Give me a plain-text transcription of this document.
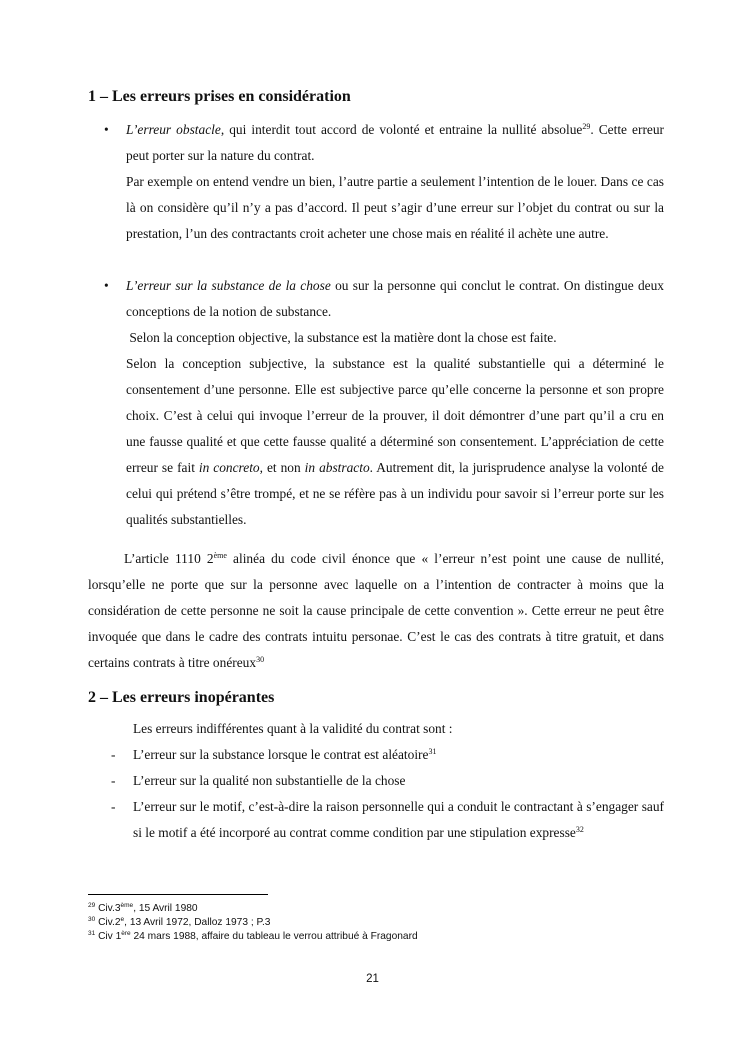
1 – Les erreurs prises en considération
• L’erreur obstacle, qui interdit tout accord de volonté et entraine la nullité absolue$^{29}$. Cette erreur peut porter sur la nature du contrat.

Par exemple on entend vendre un bien, l’autre partie a seulement l’intention de le louer. Dans ce cas là on considère qu’il n’y a pas d’accord. Il peut s’agir d’une erreur sur l’objet du contrat ou sur la prestation, l’un des contractants croit acheter une chose mais en réalité il achète une autre.

• L’erreur sur la substance de la chose ou sur la personne qui conclut le contrat. On distingue deux conceptions de la notion de substance.

Selon la conception objective, la substance est la matière dont la chose est faite.

Selon la conception subjective, la substance est la qualité substantielle qui a déterminé le consentement d’une personne. Elle est subjective parce qu’elle concerne la personne et son propre choix. C’est à celui qui invoque l’erreur de la prouver, il doit démontrer d’une part qu’il a cru en une fausse qualité et que cette fausse qualité a déterminé son consentement. L’appréciation de cette erreur se fait in concreto, et non in abstracto. Autrement dit, la jurisprudence analyse la volonté de celui qui prétend s’être trompé, et ne se réfère pas à un individu pour savoir si l’erreur porte sur les qualités substantielles.

L’article 1110 2ème alinéa du code civil énonce que « l’erreur n’est point une cause de nullité, lorsqu’elle ne porte que sur la personne avec laquelle on a l’intention de contracter à moins que la considération de cette personne ne soit la cause principale de cette convention ». Cette erreur ne peut être invoquée que dans le cadre des contrats intuitu personae. C’est le cas des contrats à titre gratuit, et dans certains contrats à titre onéreux$^{30}$

2 – Les erreurs inopérantes

Les erreurs indifférentes quant à la validité du contrat sont :

- L’erreur sur la substance lorsque le contrat est aléatoire$^{31}$

- L’erreur sur la qualité non substantielle de la chose

- L’erreur sur le motif, c’est-à-dire la raison personnelle qui a conduit le contractant à s’engager sauf si le motif a été incorporé au contrat comme condition par une stipulation expresse$^{32}$

$^{29}$ Civ.3ème, 15 Avril 1980

$^{30}$ Civ.2e, 13 Avril 1972, Dalloz 1973 ; P.3

$^{31}$ Civ 1ère 24 mars 1988, affaire du tableau le verrou attribué à Fragonard

21
